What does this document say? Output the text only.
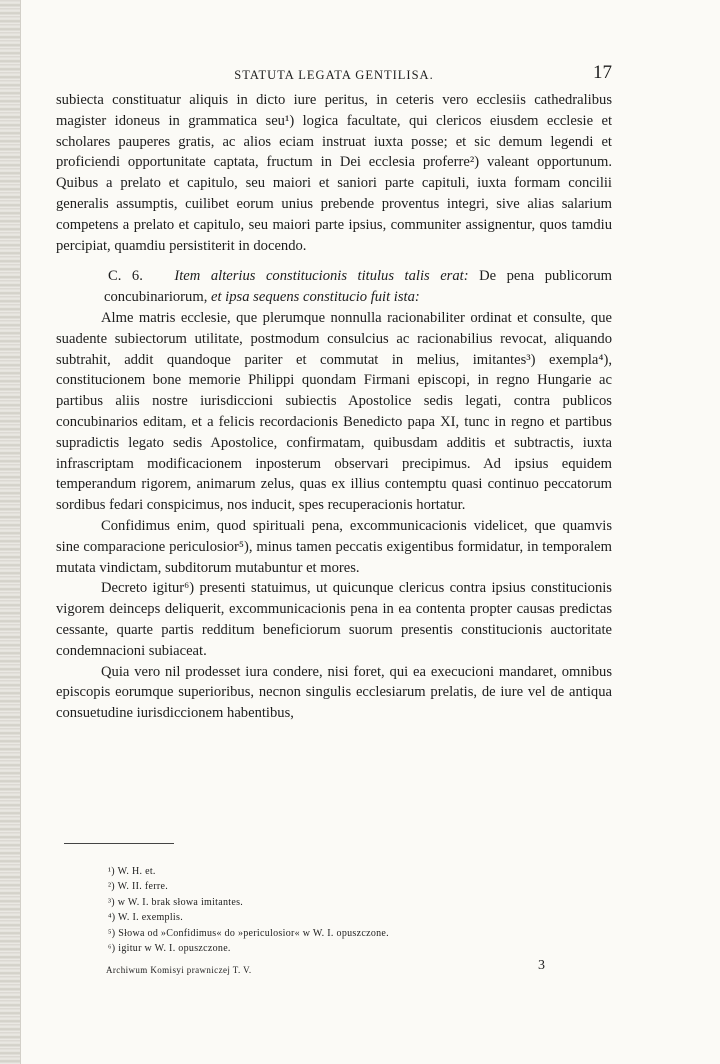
STATUTA LEGATA GENTILISA.	17

subiecta constituatur aliquis in dicto iure peritus, in ceteris vero ecclesiis cathedralibus magister idoneus in grammatica seu¹) logica facultate, qui clericos eiusdem ecclesie et scholares pauperes gratis, ac alios eciam instruat iuxta posse; et sic demum legendi et proficiendi opportunitate captata, fructum in Dei ecclesia proferre²) valeant opportunum. Quibus a prelato et capitulo, seu maiori et saniori parte capituli, iuxta formam concilii generalis assumptis, cuilibet eorum unius prebende proventus integri, sive alias salarium competens a prelato et capitulo, seu maiori parte ipsius, communiter assignentur, quos tamdiu percipiat, quamdiu persistiterit in docendo.

C. 6. Item alterius constitucionis titulus talis erat: De pena publicorum concubinariorum, et ipsa sequens constitucio fuit ista:

Alme matris ecclesie, que plerumque nonnulla racionabiliter ordinat et consulte, que suadente subiectorum utilitate, postmodum consulcius ac racionabilius revocat, aliquando subtrahit, addit quandoque pariter et commutat in melius, imitantes³) exempla⁴), constitucionem bone memorie Philippi quondam Firmani episcopi, in regno Hungarie ac partibus aliis nostre iurisdiccioni subiectis Apostolice sedis legati, contra publicos concubinarios editam, et a felicis recordacionis Benedicto papa XI, tunc in regno et partibus supradictis legato sedis Apostolice, confirmatam, quibusdam additis et subtractis, iuxta infrascriptam modificacionem inposterum observari precipimus. Ad ipsius equidem temperandum rigorem, animarum zelus, quas ex illius contemptu quasi continuo peccatorum sordibus fedari conspicimus, nos inducit, spes recuperacionis hortatur.

Confidimus enim, quod spirituali pena, excommunicacionis videlicet, que quamvis sine comparacione periculosior⁵), minus tamen peccatis exigentibus formidatur, in temporalem mutata vindictam, subditorum mutabuntur et mores.

Decreto igitur⁶) presenti statuimus, ut quicunque clericus contra ipsius constitucionis vigorem deinceps deliquerit, excommunicacionis pena in ea contenta propter causas predictas cessante, quarte partis redditum beneficiorum suorum presentis constitucionis auctoritate condemnacioni subiaceat.

Quia vero nil prodesset iura condere, nisi foret, qui ea execucioni mandaret, omnibus episcopis eorumque superioribus, necnon singulis ecclesiarum prelatis, de iure vel de antiqua consuetudine iurisdiccionem habentibus,

¹) W. H. et.
²) W. II. ferre.
³) w W. I. brak słowa imitantes.
⁴) W. I. exemplis.
⁵) Słowa od »Confidimus« do »periculosior« w W. I. opuszczone.
⁶) igitur w W. I. opuszczone.
Archiwum Komisyi prawniczej T. V.	3
